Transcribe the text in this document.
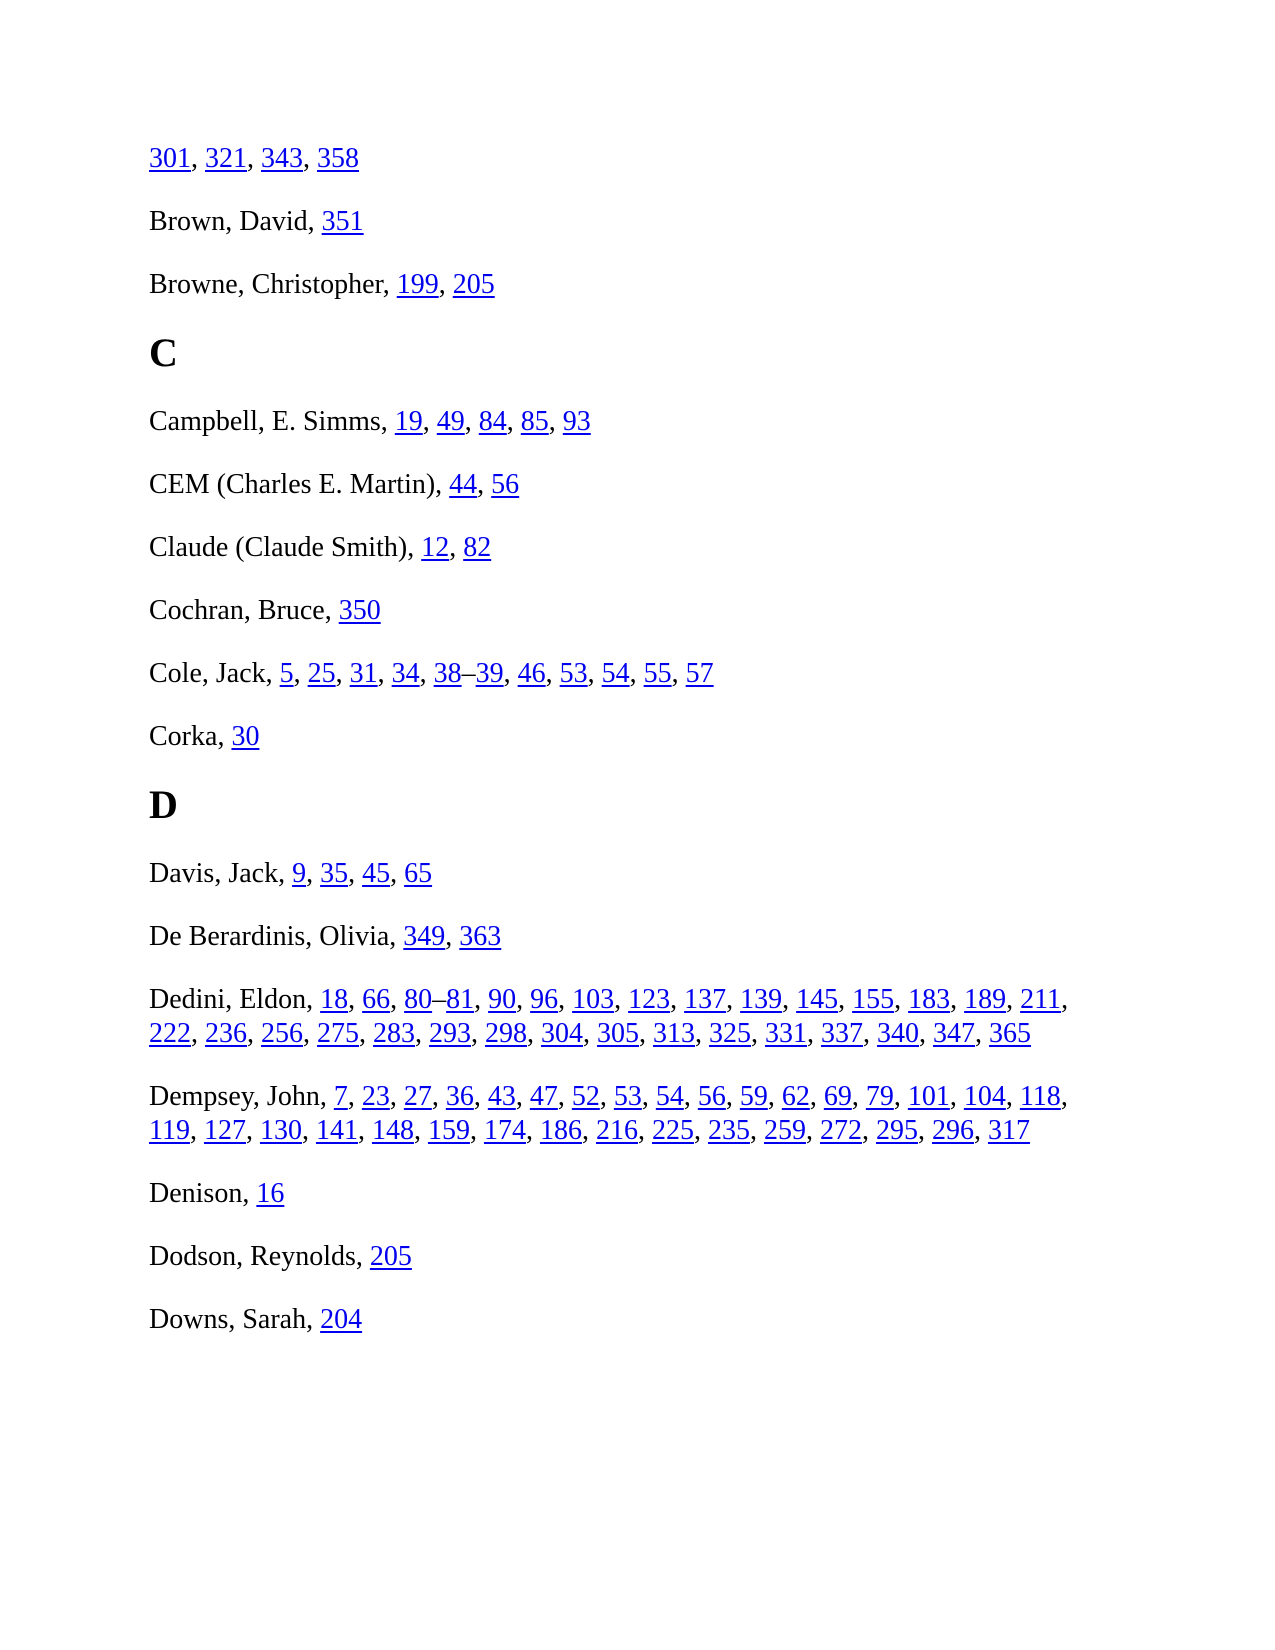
301, 321, 343, 358
Brown, David, 351
Browne, Christopher, 199, 205
C
Campbell, E. Simms, 19, 49, 84, 85, 93
CEM (Charles E. Martin), 44, 56
Claude (Claude Smith), 12, 82
Cochran, Bruce, 350
Cole, Jack, 5, 25, 31, 34, 38–39, 46, 53, 54, 55, 57
Corka, 30
D
Davis, Jack, 9, 35, 45, 65
De Berardinis, Olivia, 349, 363
Dedini, Eldon, 18, 66, 80–81, 90, 96, 103, 123, 137, 139, 145, 155, 183, 189, 211, 222, 236, 256, 275, 283, 293, 298, 304, 305, 313, 325, 331, 337, 340, 347, 365
Dempsey, John, 7, 23, 27, 36, 43, 47, 52, 53, 54, 56, 59, 62, 69, 79, 101, 104, 118, 119, 127, 130, 141, 148, 159, 174, 186, 216, 225, 235, 259, 272, 295, 296, 317
Denison, 16
Dodson, Reynolds, 205
Downs, Sarah, 204
